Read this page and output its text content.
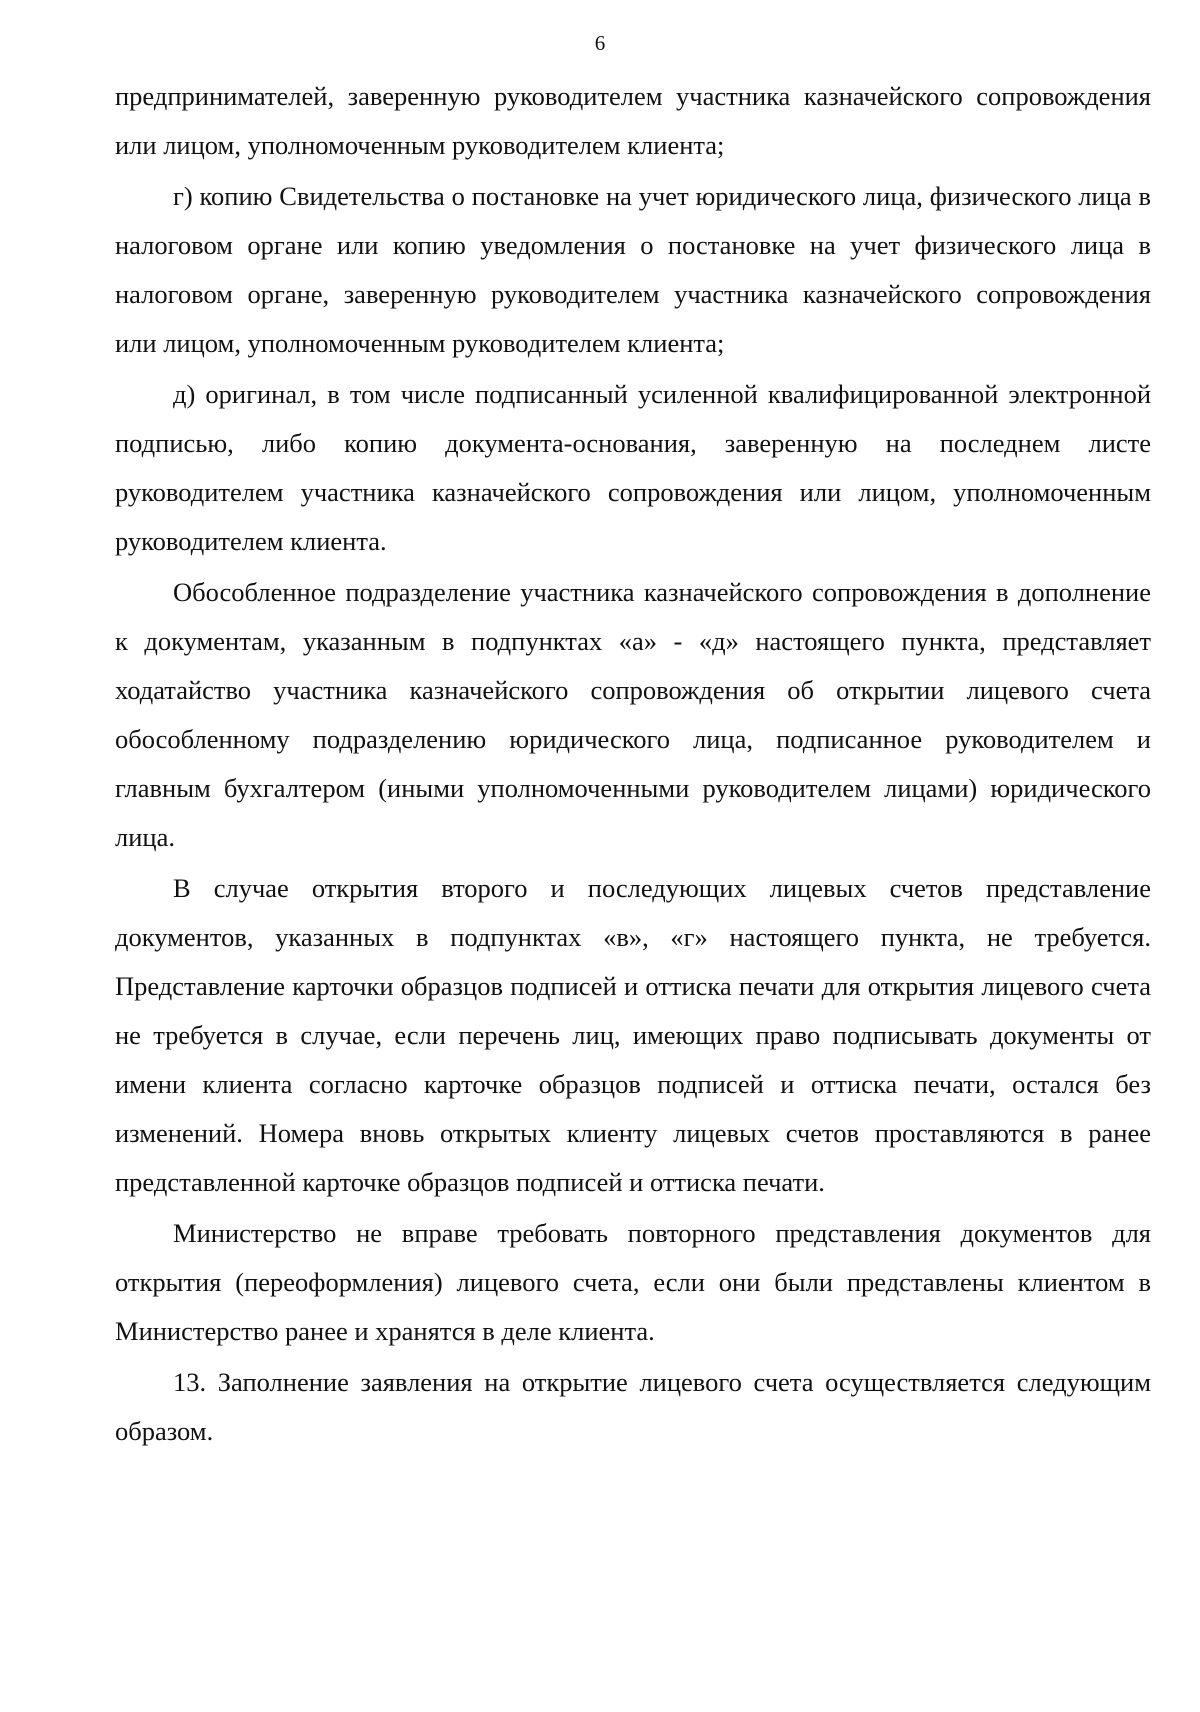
6

предпринимателей, заверенную руководителем участника казначейского сопровождения или лицом, уполномоченным руководителем клиента;

г) копию Свидетельства о постановке на учет юридического лица, физического лица в налоговом органе или копию уведомления о постановке на учет физического лица в налоговом органе, заверенную руководителем участника казначейского сопровождения или лицом, уполномоченным руководителем клиента;

д) оригинал, в том числе подписанный усиленной квалифицированной электронной подписью, либо копию документа-основания, заверенную на последнем листе руководителем участника казначейского сопровождения или лицом, уполномоченным руководителем клиента.

Обособленное подразделение участника казначейского сопровождения в дополнение к документам, указанным в подпунктах «а» - «д» настоящего пункта, представляет ходатайство участника казначейского сопровождения об открытии лицевого счета обособленному подразделению юридического лица, подписанное руководителем и главным бухгалтером (иными уполномоченными руководителем лицами) юридического лица.

В случае открытия второго и последующих лицевых счетов представление документов, указанных в подпунктах «в», «г» настоящего пункта, не требуется. Представление карточки образцов подписей и оттиска печати для открытия лицевого счета не требуется в случае, если перечень лиц, имеющих право подписывать документы от имени клиента согласно карточке образцов подписей и оттиска печати, остался без изменений. Номера вновь открытых клиенту лицевых счетов проставляются в ранее представленной карточке образцов подписей и оттиска печати.

Министерство не вправе требовать повторного представления документов для открытия (переоформления) лицевого счета, если они были представлены клиентом в Министерство ранее и хранятся в деле клиента.

13. Заполнение заявления на открытие лицевого счета осуществляется следующим образом.
